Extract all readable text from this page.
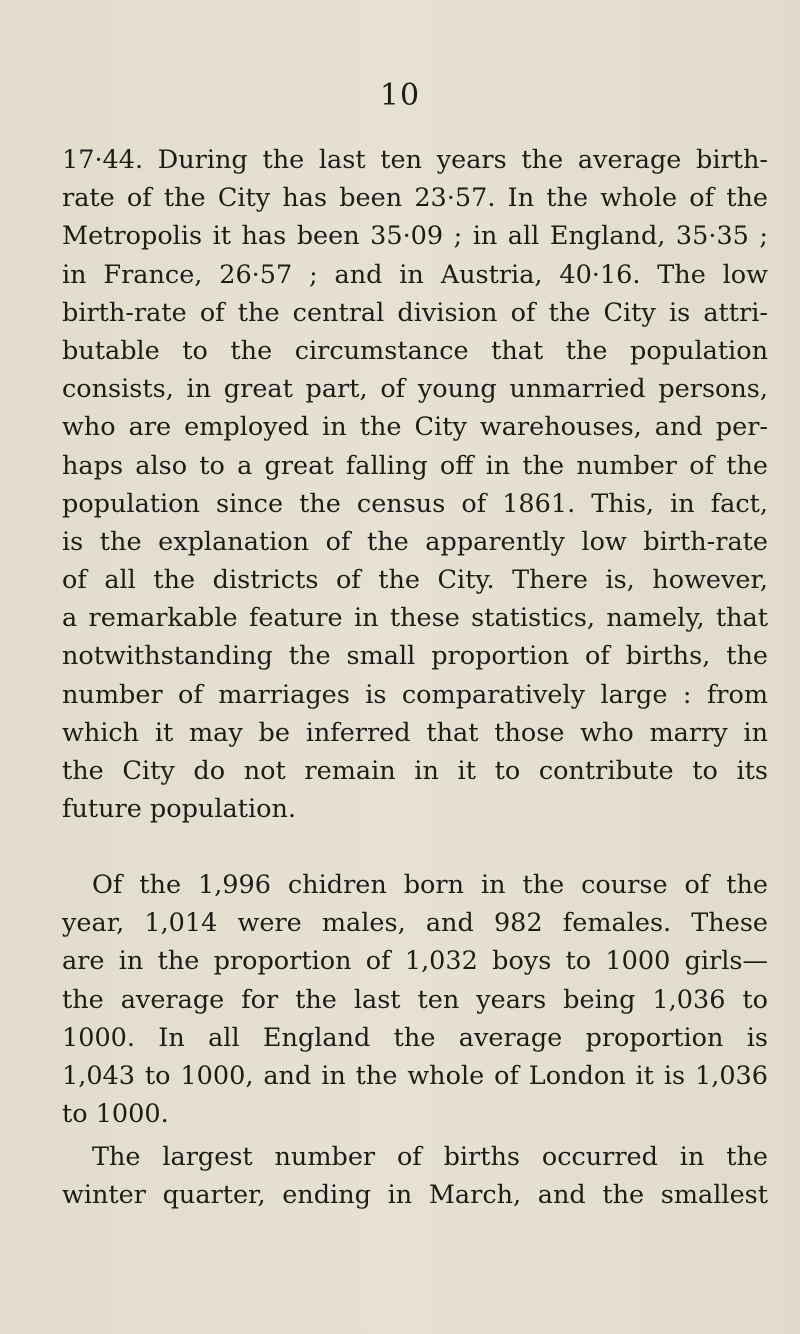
10
17·44. During the last ten years the average birth-
rate of the City has been 23·57. In the whole of the
Metropolis it has been 35·09 ; in all England, 35·35 ;
in France, 26·57 ; and in Austria, 40·16. The low
birth-rate of the central division of the City is attri-
butable to the circumstance that the population
consists, in great part, of young unmarried persons,
who are employed in the City warehouses, and per-
haps also to a great falling off in the number of the
population since the census of 1861. This, in fact,
is the explanation of the apparently low birth-rate
of all the districts of the City. There is, however,
a remarkable feature in these statistics, namely, that
notwithstanding the small proportion of births, the
number of marriages is comparatively large : from
which it may be inferred that those who marry in
the City do not remain in it to contribute to its
future population.
Of the 1,996 chidren born in the course of the
year, 1,014 were males, and 982 females. These
are in the proportion of 1,032 boys to 1000 girls—
the average for the last ten years being 1,036 to
1000. In all England the average proportion is
1,043 to 1000, and in the whole of London it is 1,036
to 1000.
The largest number of births occurred in the
winter quarter, ending in March, and the smallest
